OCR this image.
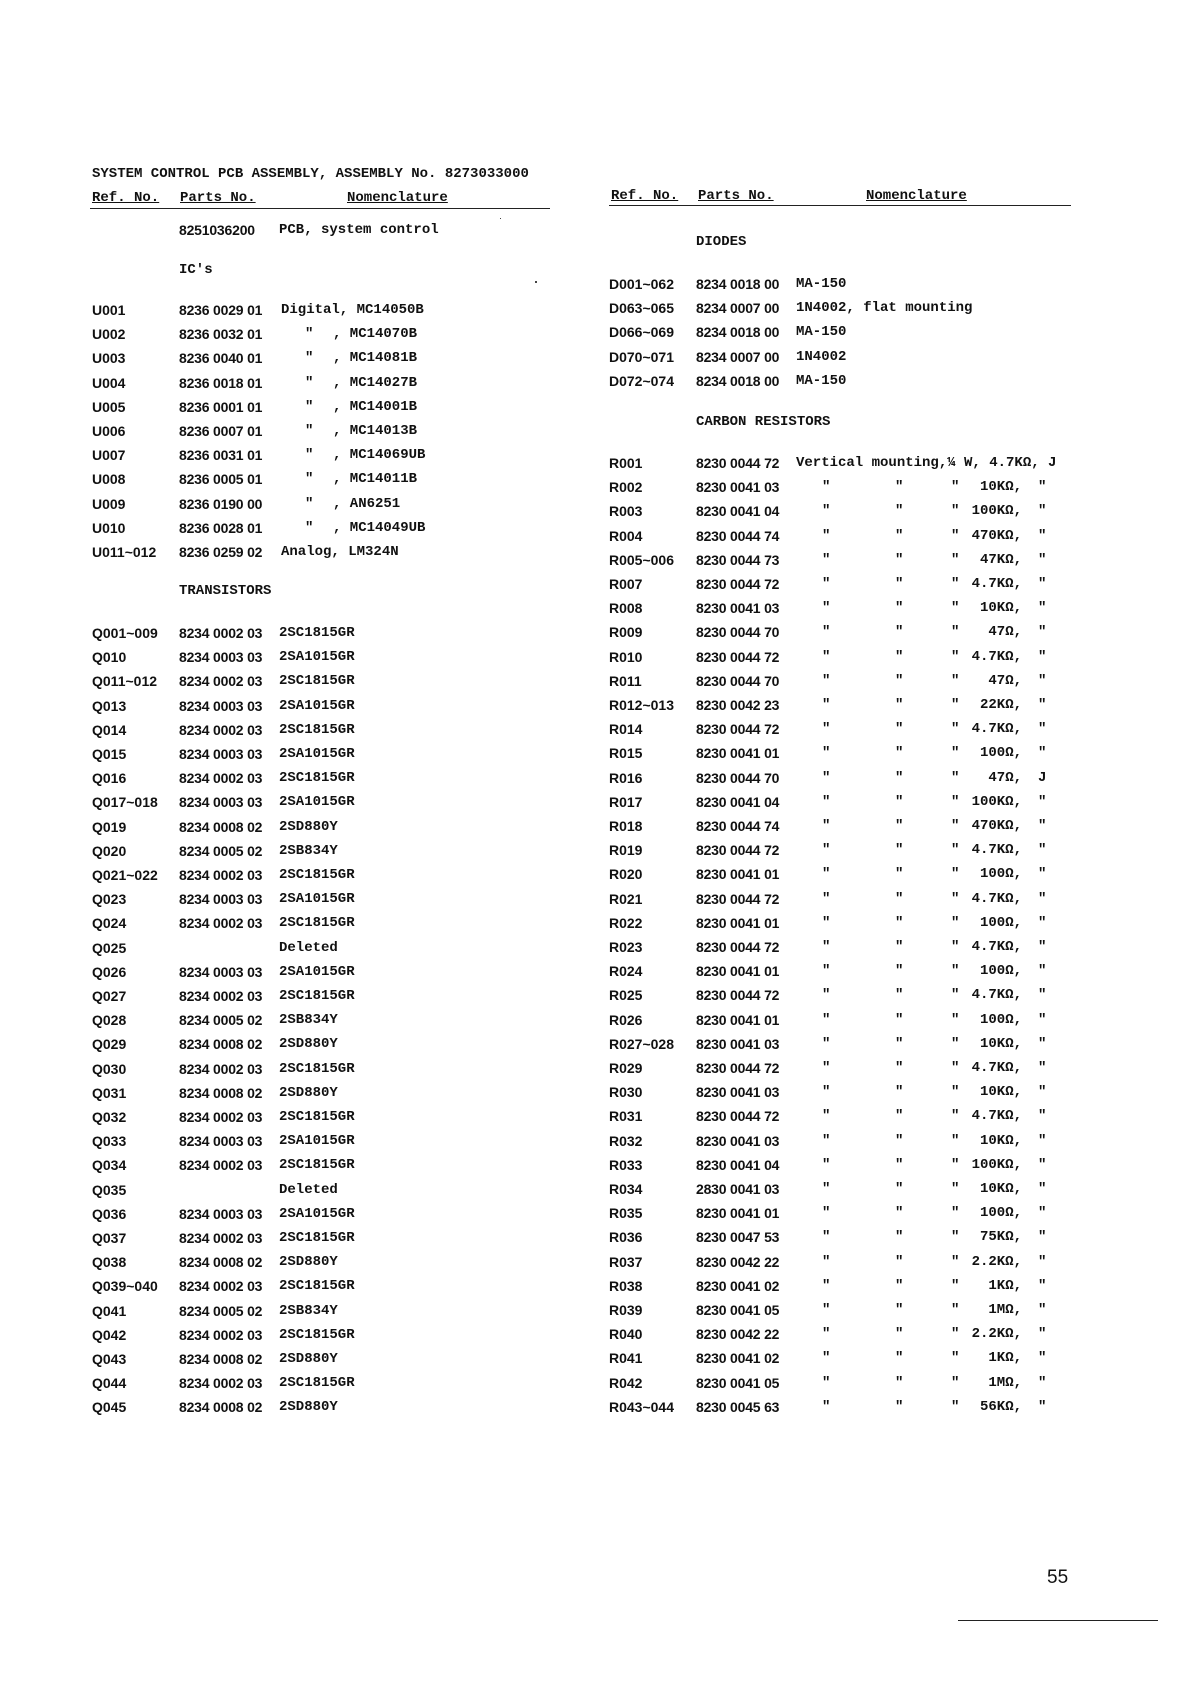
SYSTEM CONTROL PCB ASSEMBLY, ASSEMBLY No. 8273033000
Ref. No. Parts No.	Nomenclature	Ref. No. Parts No.	Nomenclature
8251036200 PCB, system control
IC's
U001	8236 0029 01 Digital, MC14050B
U002	8236 0032 01	" , MC14070B
U003	8236 0040 01	" , MC14081B
U004	8236 0018 01	" , MC14027B
U005	8236 0001 01	" , MC14001B
U006	8236 0007 01	" , MC14013B
U007	8236 0031 01	" , MC14069UB
U008	8236 0005 01	" , MC14011B
U009	8236 0190 00	" , AN6251
U010	8236 0028 01	" , MC14049UB
U011~012 8236 0259 02 Analog, LM324N
TRANSISTORS
Q001~009 8234 0002 03 2SC1815GR
Q010	8234 0003 03 2SA1015GR
Q011~012 8234 0002 03 2SC1815GR
Q013	8234 0003 03 2SA1015GR
Q014	8234 0002 03 2SC1815GR
Q015	8234 0003 03 2SA1015GR
Q016	8234 0002 03 2SC1815GR
Q017~018 8234 0003 03 2SA1015GR
Q019	8234 0008 02 2SD880Y
Q020	8234 0005 02 2SB834Y
Q021~022 8234 0002 03 2SC1815GR
Q023	8234 0003 03 2SA1015GR
Q024	8234 0002 03 2SC1815GR
Q025	Deleted
Q026	8234 0003 03 2SA1015GR
Q027	8234 0002 03 2SC1815GR
Q028	8234 0005 02 2SB834Y
Q029	8234 0008 02 2SD880Y
Q030	8234 0002 03 2SC1815GR
Q031	8234 0008 02 2SD880Y
Q032	8234 0002 03 2SC1815GR
Q033	8234 0003 03 2SA1015GR
Q034	8234 0002 03 2SC1815GR
Q035	Deleted
Q036	8234 0003 03 2SA1015GR
Q037	8234 0002 03 2SC1815GR
Q038	8234 0008 02 2SD880Y
Q039~040 8234 0002 03 2SC1815GR
Q041	8234 0005 02 2SB834Y
Q042	8234 0002 03 2SC1815GR
Q043	8234 0008 02 2SD880Y
Q044	8234 0002 03 2SC1815GR
Q045	8234 0008 02 2SD880Y
DIODES
D001~062 8234 0018 00 MA-150
D063~065 8234 0007 00 1N4002, flat mounting
D066~069 8234 0018 00 MA-150
D070~071 8234 0007 00 1N4002
D072~074 8234 0018 00 MA-150
CARBON RESISTORS
R001	8230 0044 72 Vertical mounting,¼ W, 4.7KΩ, J
R002	8230 0041 03	"	"	"	10KΩ, "
R003	8230 0041 04	"	"	" 100KΩ, "
R004	8230 0044 74	"	"	" 470KΩ, "
R005~006 8230 0044 73	"	"	"	47KΩ, "
R007	8230 0044 72	"	"	" 4.7KΩ, "
R008	8230 0041 03	"	"	"	10KΩ, "
R009	8230 0044 70	"	"	"	47Ω, "
R010	8230 0044 72	"	"	" 4.7KΩ, "
R011	8230 0044 70	"	"	"	47Ω, "
R012~013 8230 0042 23	"	"	"	22KΩ, "
R014	8230 0044 72	"	"	" 4.7KΩ, "
R015	8230 0041 01	"	"	"	100Ω, "
R016	8230 0044 70	"	"	"	47Ω, J
R017	8230 0041 04	"	"	" 100KΩ, "
R018	8230 0044 74	"	"	" 470KΩ, "
R019	8230 0044 72	"	"	" 4.7KΩ, "
R020	8230 0041 01	"	"	"	100Ω, "
R021	8230 0044 72	"	"	" 4.7KΩ, "
R022	8230 0041 01	"	"	"	100Ω, "
R023	8230 0044 72	"	"	" 4.7KΩ, "
R024	8230 0041 01	"	"	"	100Ω, "
R025	8230 0044 72	"	"	" 4.7KΩ, "
R026	8230 0041 01	"	"	"	100Ω, "
R027~028 8230 0041 03	"	"	"	10KΩ, "
R029	8230 0044 72	"	"	" 4.7KΩ, "
R030	8230 0041 03	"	"	"	10KΩ, "
R031	8230 0044 72	"	"	" 4.7KΩ, "
R032	8230 0041 03	"	"	"	10KΩ, "
R033	8230 0041 04	"	"	" 100KΩ, "
R034	2830 0041 03	"	"	"	10KΩ, "
R035	8230 0041 01	"	"	"	100Ω, "
R036	8230 0047 53	"	"	"	75KΩ, "
R037	8230 0042 22	"	"	" 2.2KΩ, "
R038	8230 0041 02	"	"	"	1KΩ, "
R039	8230 0041 05	"	"	"	1MΩ, "
R040	8230 0042 22	"	"	" 2.2KΩ, "
R041	8230 0041 02	"	"	"	1KΩ, "
R042	8230 0041 05	"	"	"	1MΩ, "
R043~044 8230 0045 63	"	"	"	56KΩ, "
55
